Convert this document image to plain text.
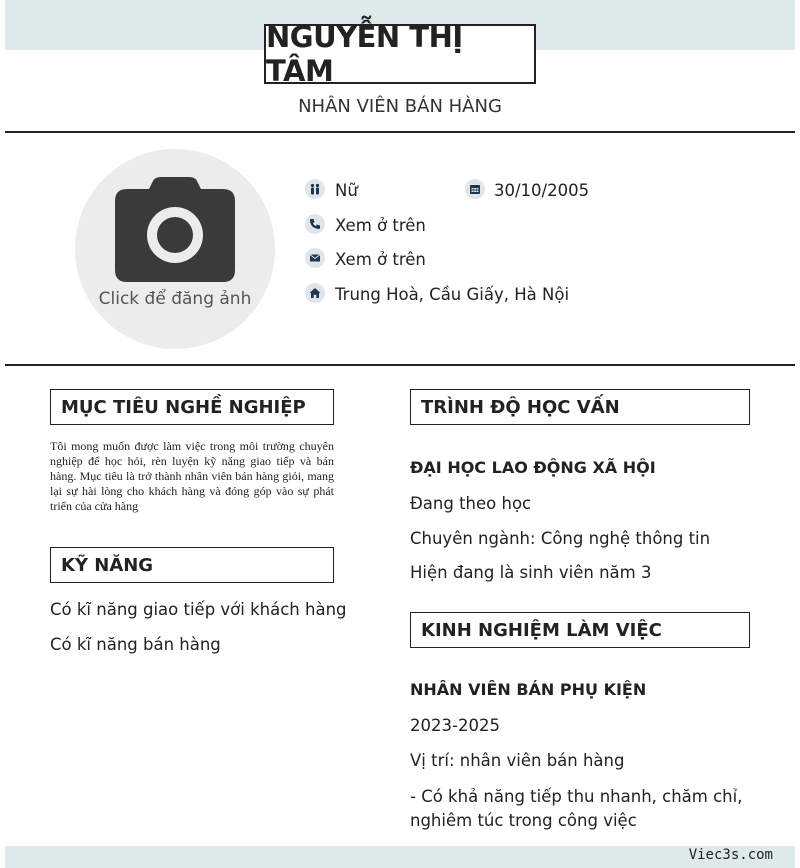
NGUYỄN THỊ TÂM
NHÂN VIÊN BÁN HÀNG
Click để đăng ảnh
Nữ	30/10/2005
Xem ở trên
Xem ở trên
Trung Hoà, Cầu Giấy, Hà Nội
MỤC TIÊU NGHỀ NGHIỆP
Tôi mong muốn được làm việc trong môi trường chuyên nghiệp để học hỏi, rèn luyện kỹ năng giao tiếp và bán hàng. Mục tiêu là trở thành nhân viên bán hàng giỏi, mang lại sự hài lòng cho khách hàng và đóng góp vào sự phát triển của cửa hàng
KỸ NĂNG
Có kĩ năng giao tiếp với khách hàng
Có kĩ năng bán hàng
TRÌNH ĐỘ HỌC VẤN
ĐẠI HỌC LAO ĐỘNG XÃ HỘI
Đang theo học
Chuyên ngành: Công nghệ thông tin
Hiện đang là sinh viên năm 3
KINH NGHIỆM LÀM VIỆC
NHÂN VIÊN BÁN PHỤ KIỆN
2023-2025
Vị trí: nhân viên bán hàng
- Có khả năng tiếp thu nhanh, chăm chỉ, nghiêm túc trong công việc
Viec3s.com
